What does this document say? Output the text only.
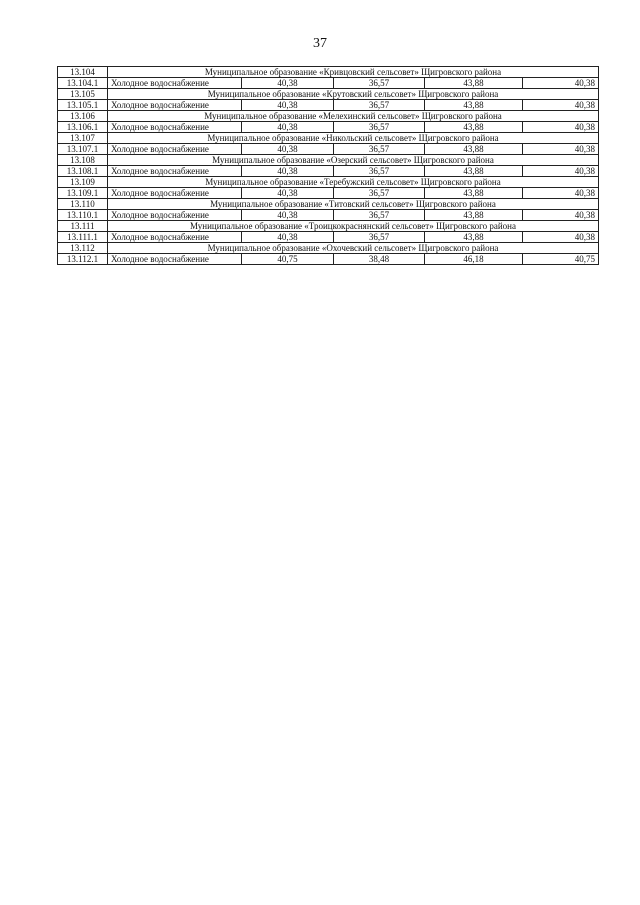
37
13.104	Муниципальное образование «Кривцовский сельсовет» Щигровского района				
13.104.1	Холодное водоснабжение	40,38	36,57	43,88	40,38
13.105	Муниципальное образование «Крутовский сельсовет» Щигровского района				
13.105.1	Холодное водоснабжение	40,38	36,57	43,88	40,38
13.106	Муниципальное образование «Мелехинский сельсовет» Щигровского района				
13.106.1	Холодное водоснабжение	40,38	36,57	43,88	40,38
13.107	Муниципальное образование «Никольский сельсовет» Щигровского района				
13.107.1	Холодное водоснабжение	40,38	36,57	43,88	40,38
13.108	Муниципальное образование «Озерский сельсовет» Щигровского района				
13.108.1	Холодное водоснабжение	40,38	36,57	43,88	40,38
13.109	Муниципальное образование «Теребужский сельсовет» Щигровского района				
13.109.1	Холодное водоснабжение	40,38	36,57	43,88	40,38
13.110	Муниципальное образование «Титовский сельсовет» Щигровского района				
13.110.1	Холодное водоснабжение	40,38	36,57	43,88	40,38
13.111	Муниципальное образование «Троицкокраснянский сельсовет» Щигровского района				
13.111.1	Холодное водоснабжение	40,38	36,57	43,88	40,38
13.112	Муниципальное образование «Охочевский сельсовет» Щигровского района				
13.112.1	Холодное водоснабжение	40,75	38,48	46,18	40,75
